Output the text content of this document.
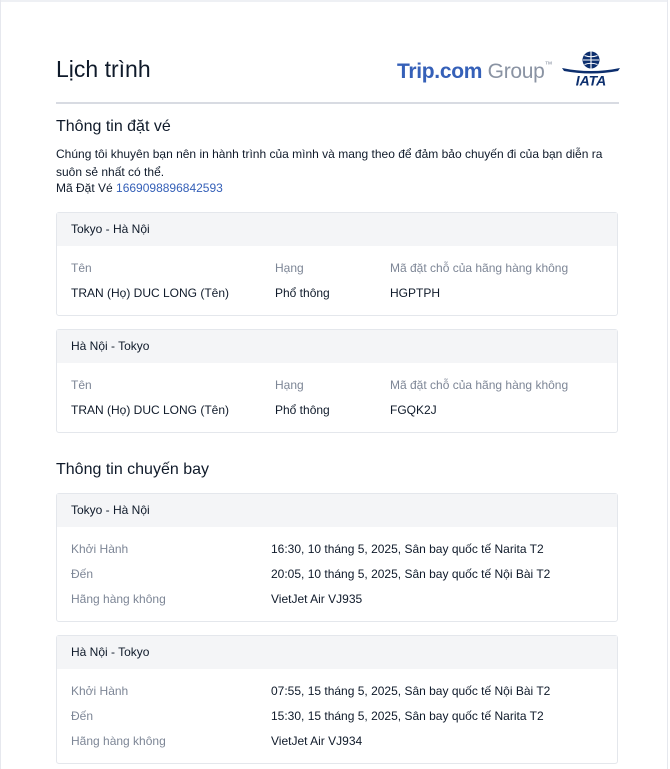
Lịch trình	Trip.com Group™
IATA
Thông tin đặt vé
Chúng tôi khuyên bạn nên in hành trình của mình và mang theo để đảm bảo chuyến đi của bạn diễn ra suôn sẻ nhất có thể.
Mã Đặt Vé 1669098896842593
Tokyo - Hà Nội
Tên	Hạng	Mã đặt chỗ của hãng hàng không
TRAN (Họ) DUC LONG (Tên)	Phổ thông	HGPTPH
Hà Nội - Tokyo
Tên	Hạng	Mã đặt chỗ của hãng hàng không
TRAN (Họ) DUC LONG (Tên)	Phổ thông	FGQK2J
Thông tin chuyến bay
Tokyo - Hà Nội
Khởi Hành	16:30, 10 tháng 5, 2025, Sân bay quốc tế Narita T2
Đến	20:05, 10 tháng 5, 2025, Sân bay quốc tế Nội Bài T2
Hãng hàng không	VietJet Air VJ935
Hà Nội - Tokyo
Khởi Hành	07:55, 15 tháng 5, 2025, Sân bay quốc tế Nội Bài T2
Đến	15:30, 15 tháng 5, 2025, Sân bay quốc tế Narita T2
Hãng hàng không	VietJet Air VJ934
